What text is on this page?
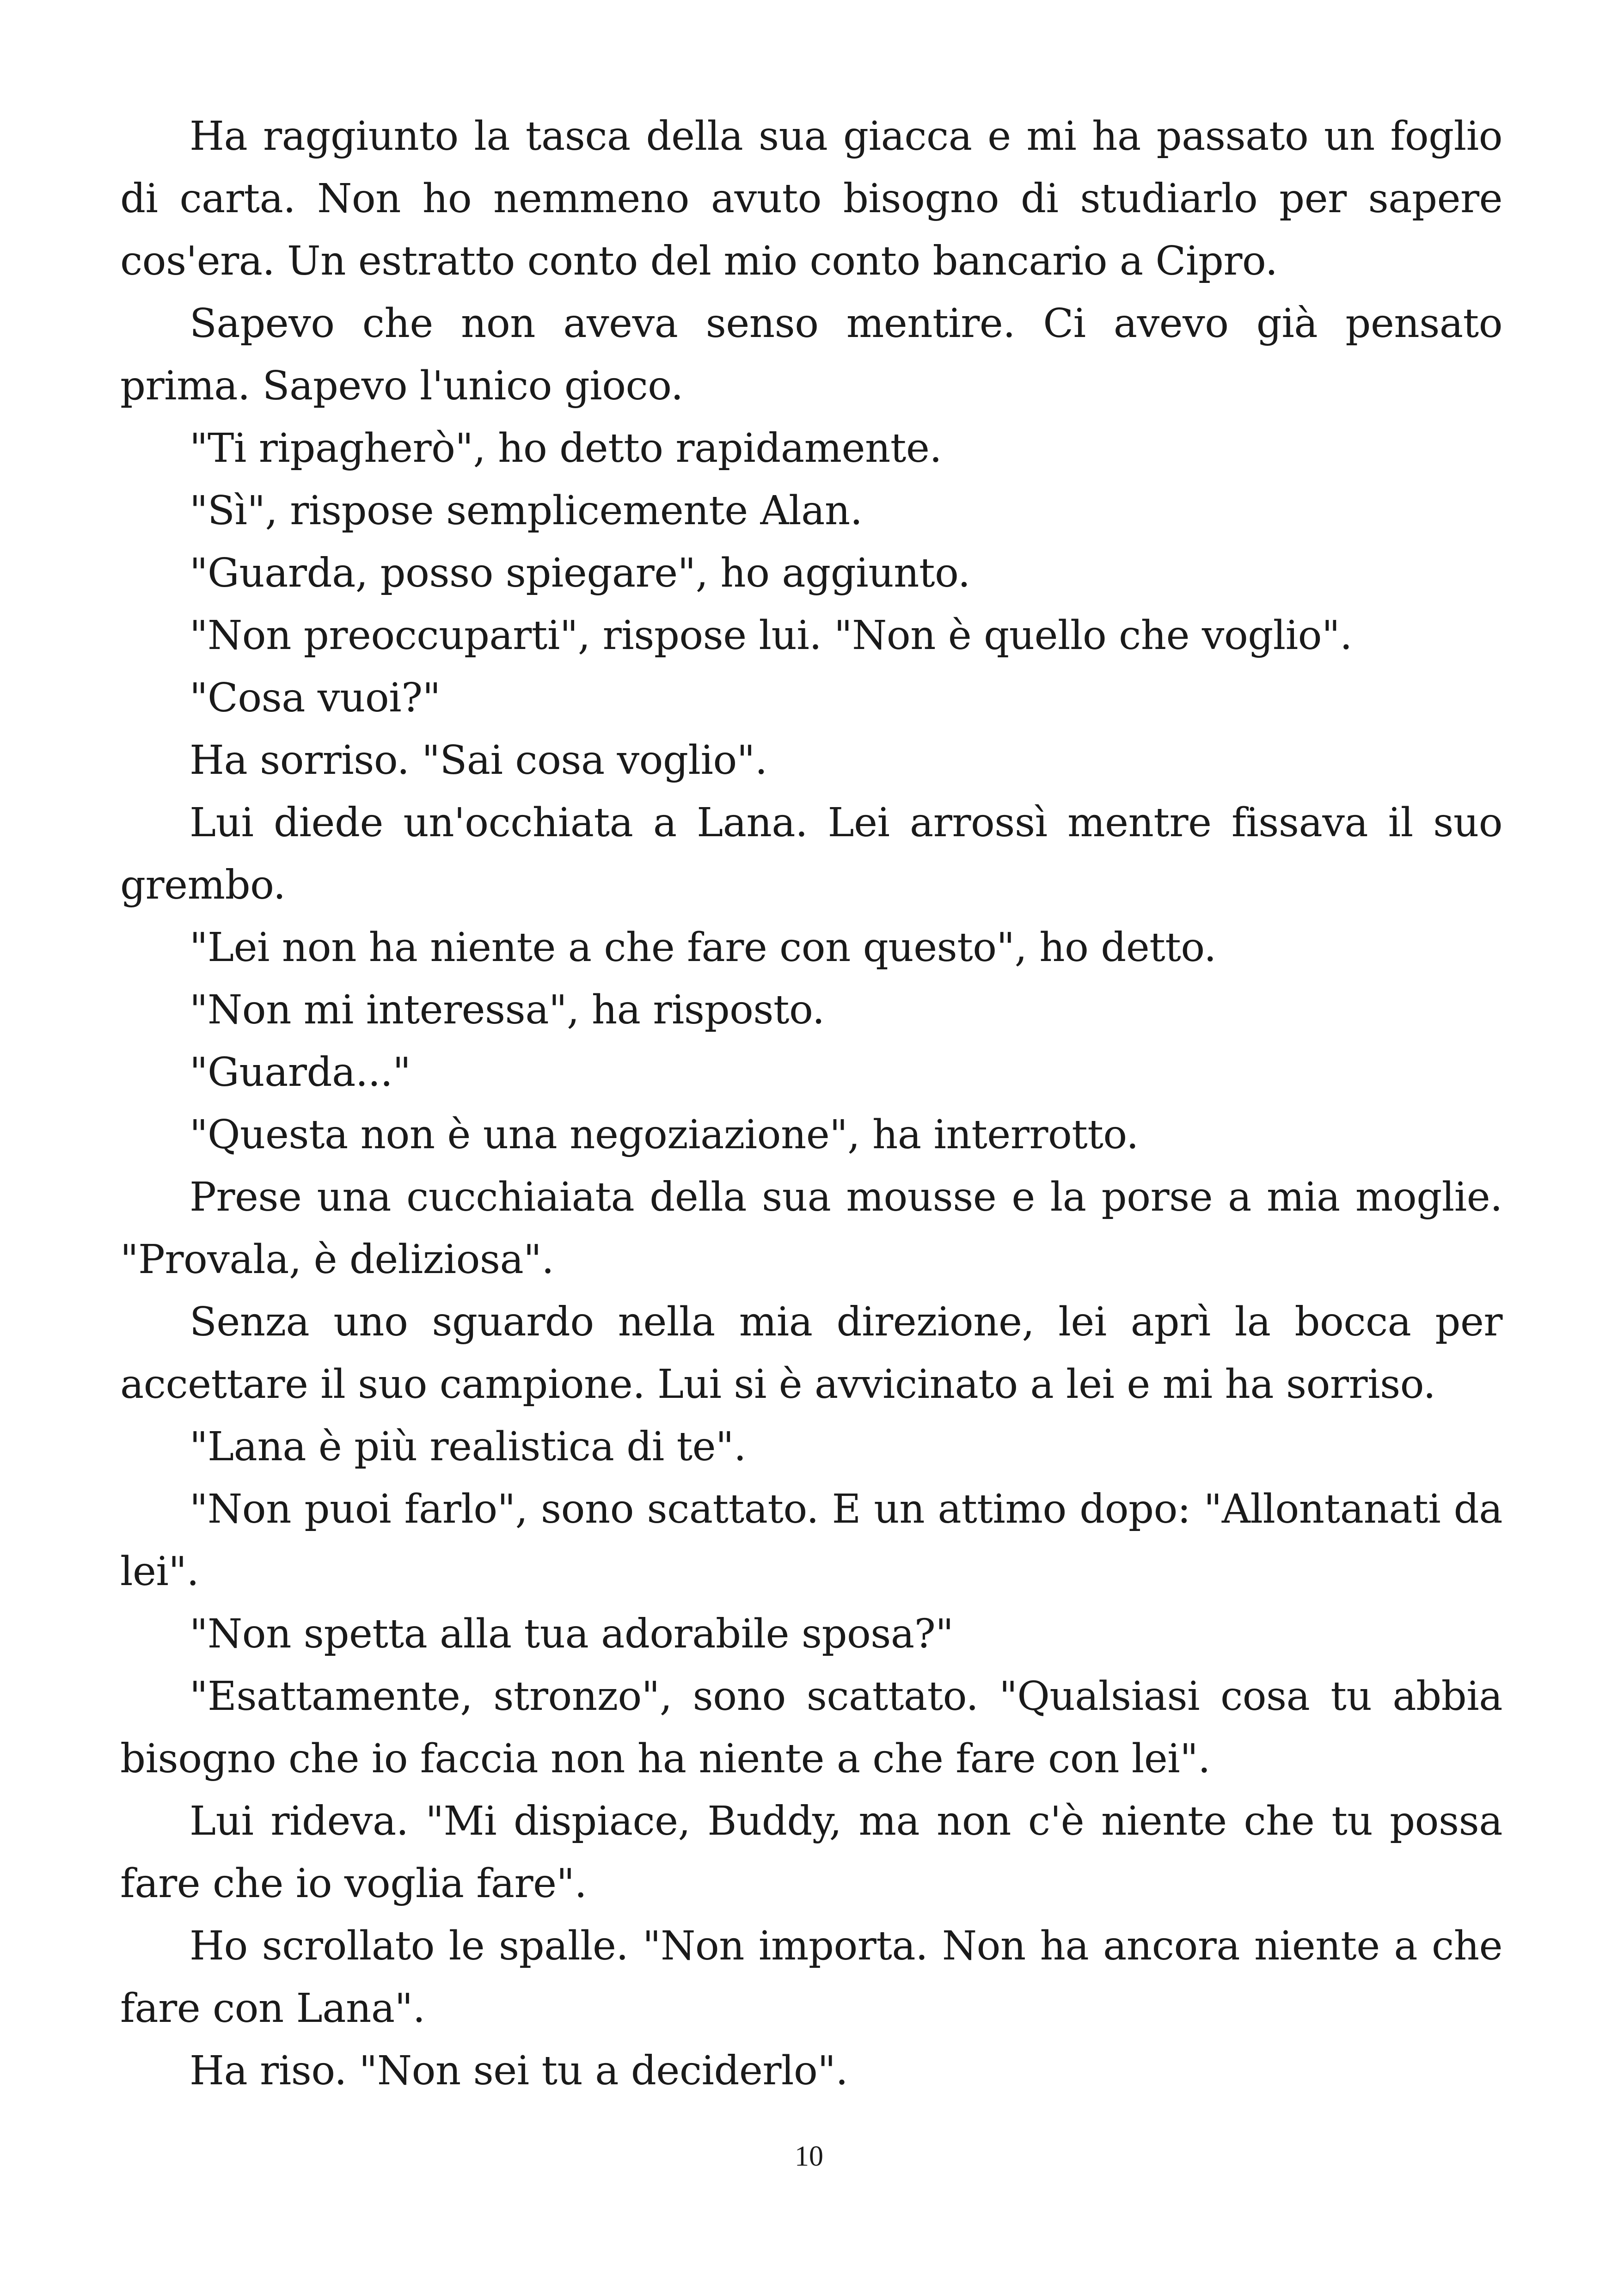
Ha raggiunto la tasca della sua giacca e mi ha passato un foglio di carta. Non ho nemmeno avuto bisogno di studiarlo per sapere cos'era. Un estratto conto del mio conto bancario a Cipro.

Sapevo che non aveva senso mentire. Ci avevo già pensato prima. Sapevo l'unico gioco.

"Ti ripagherò", ho detto rapidamente.

"Sì", rispose semplicemente Alan.

"Guarda, posso spiegare", ho aggiunto.

"Non preoccuparti", rispose lui. "Non è quello che voglio".

"Cosa vuoi?"

Ha sorriso. "Sai cosa voglio".

Lui diede un'occhiata a Lana. Lei arrossì mentre fissava il suo grembo.

"Lei non ha niente a che fare con questo", ho detto.

"Non mi interessa", ha risposto.

"Guarda..."

"Questa non è una negoziazione", ha interrotto.

Prese una cucchiaiata della sua mousse e la porse a mia moglie. "Provala, è deliziosa".

Senza uno sguardo nella mia direzione, lei aprì la bocca per accettare il suo campione. Lui si è avvicinato a lei e mi ha sorriso.

"Lana è più realistica di te".

"Non puoi farlo", sono scattato. E un attimo dopo: "Allontanati da lei".

"Non spetta alla tua adorabile sposa?"

"Esattamente, stronzo", sono scattato. "Qualsiasi cosa tu abbia bisogno che io faccia non ha niente a che fare con lei".

Lui rideva. "Mi dispiace, Buddy, ma non c'è niente che tu possa fare che io voglia fare".

Ho scrollato le spalle. "Non importa. Non ha ancora niente a che fare con Lana".

Ha riso. "Non sei tu a deciderlo".

10
